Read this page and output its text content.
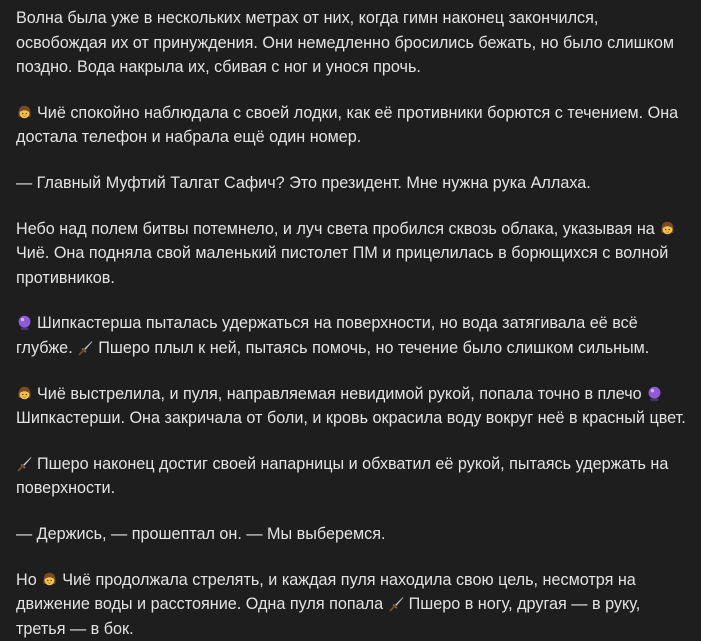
Волна была уже в нескольких метрах от них, когда гимн наконец закончился, освобождая их от принуждения. Они немедленно бросились бежать, но было слишком поздно. Вода накрыла их, сбивая с ног и унося прочь.

Чиё спокойно наблюдала с своей лодки, как её противники борются с течением. Она достала телефон и набрала ещё один номер.

— Главный Муфтий Талгат Сафич? Это президент. Мне нужна рука Аллаха.

Небо над полем битвы потемнело, и луч света пробился сквозь облака, указывая на
Чиё. Она подняла свой маленький пистолет ПМ и прицелилась в борющихся с волной противников.

Шипкастерша пыталась удержаться на поверхности, но вода затягивала её всё глубже. Пшеро плыл к ней, пытаясь помочь, но течение было слишком сильным.

Чиё выстрелила, и пуля, направляемая невидимой рукой, попала точно в плечо
Шипкастерши. Она закричала от боли, и кровь окрасила воду вокруг неё в красный цвет.

Пшеро наконец достиг своей напарницы и обхватил её рукой, пытаясь удержать на поверхности.

— Держись, — прошептал он. — Мы выберемся.

Но Чиё продолжала стрелять, и каждая пуля находила свою цель, несмотря на движение воды и расстояние. Одна пуля попала Пшеро в ногу, другая — в руку, третья — в бок.
